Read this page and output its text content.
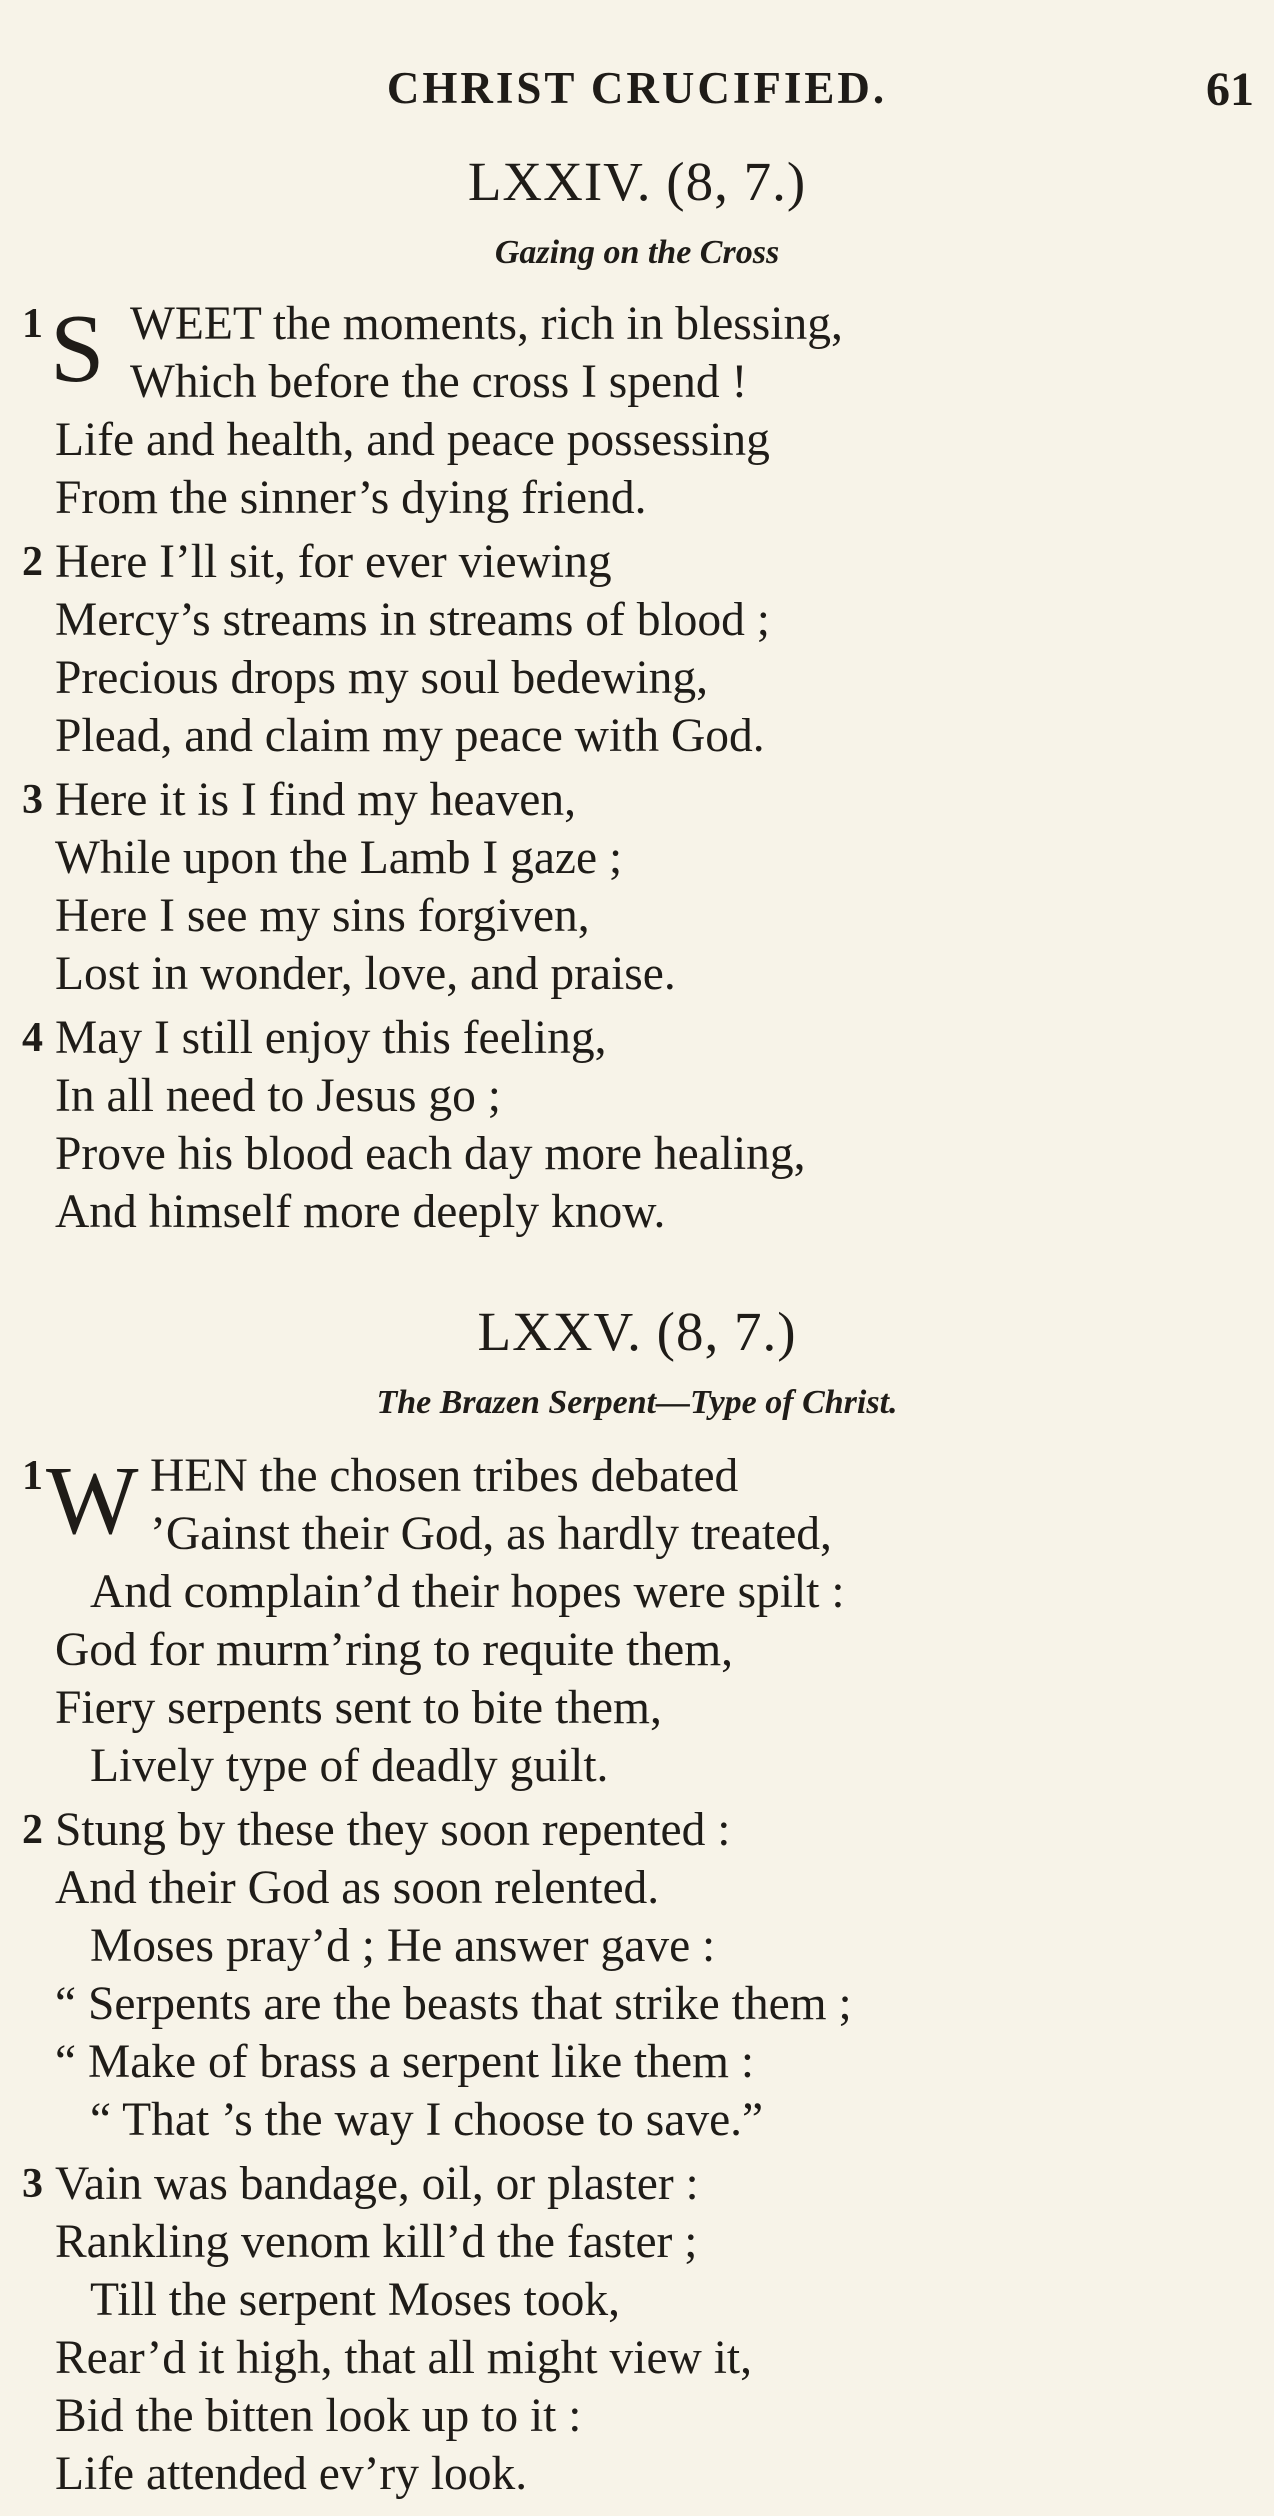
CHRIST CRUCIFIED.	61
LXXIV. (8, 7.)
Gazing on the Cross
1 S WEET the moments, rich in blessing,
Which before the cross I spend !
Life and health, and peace possessing
From the sinner’s dying friend.
2 Here I’ll sit, for ever viewing
Mercy’s streams in streams of blood ;
Precious drops my soul bedewing,
Plead, and claim my peace with God.
3 Here it is I find my heaven,
While upon the Lamb I gaze ;
Here I see my sins forgiven,
Lost in wonder, love, and praise.
4 May I still enjoy this feeling,
In all need to Jesus go ;
Prove his blood each day more healing,
And himself more deeply know.
LXXV. (8, 7.)
The Brazen Serpent—Type of Christ.
1 W HEN the chosen tribes debated
’Gainst their God, as hardly treated,
And complain’d their hopes were spilt :
God for murm’ring to requite them,
Fiery serpents sent to bite them,
Lively type of deadly guilt.
2 Stung by these they soon repented :
And their God as soon relented.
Moses pray’d ; He answer gave :
“ Serpents are the beasts that strike them ;
“ Make of brass a serpent like them :
“ That ’s the way I choose to save.”
3 Vain was bandage, oil, or plaster :
Rankling venom kill’d the faster ;
Till the serpent Moses took,
Rear’d it high, that all might view it,
Bid the bitten look up to it :
Life attended ev’ry look.
